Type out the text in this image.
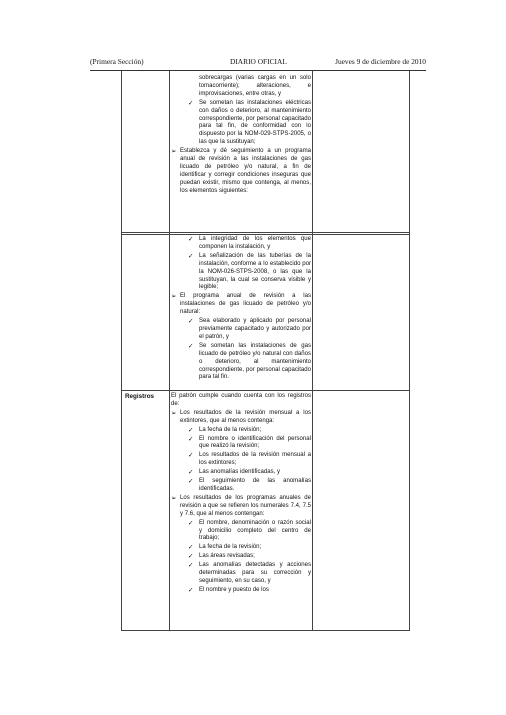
(Primera Sección)	DIARIO OFICIAL	Jueves 9 de diciembre de 2010
Registros
sobrecargas (varias cargas en un solo tomacorriente); alteraciones, e improvisaciones, entre otras, y
✓ Se sometan las instalaciones eléctricas con daños o deterioro, al mantenimiento correspondiente, por personal capacitado para tal fin, de conformidad con lo dispuesto por la NOM-029-STPS-2005, o las que la sustituyan;
➢ Establezca y dé seguimiento a un programa anual de revisión a las instalaciones de gas licuado de petróleo y/o natural, a fin de identificar y corregir condiciones inseguras que puedan existir, mismo que contenga, al menos, los elementos siguientes:
✓ La integridad de los elementos que componen la instalación, y
✓ La señalización de las tuberías de la instalación, conforme a lo establecido por la NOM-026-STPS-2008, o las que la sustituyan, la cual se conserva visible y legible;
➢ El programa anual de revisión a las instalaciones de gas licuado de petróleo y/o natural:
✓ Sea elaborado y aplicado por personal previamente capacitado y autorizado por el patrón, y
✓ Se sometan las instalaciones de gas licuado de petróleo y/o natural con daños o deterioro, al mantenimiento correspondiente, por personal capacitado para tal fin.
El patrón cumple cuando cuenta con los registros de:
➢ Los resultados de la revisión mensual a los extintores, que al menos contenga:
✓ La fecha de la revisión;
✓ El nombre o identificación del personal que realizó la revisión;
✓ Los resultados de la revisión mensual a los extintores;
✓ Las anomalías identificadas, y
✓ El seguimiento de las anomalías identificadas.
➢ Los resultados de los programas anuales de revisión a que se refieren los numerales 7.4, 7.5 y 7.6, que al menos contengan:
✓ El nombre, denominación o razón social y domicilio completo del centro de trabajo;
✓ La fecha de la revisión;
✓ Las áreas revisadas;
✓ Las anomalías detectadas y acciones determinadas para su corrección y seguimiento, en su caso, y
✓ El nombre y puesto de los
